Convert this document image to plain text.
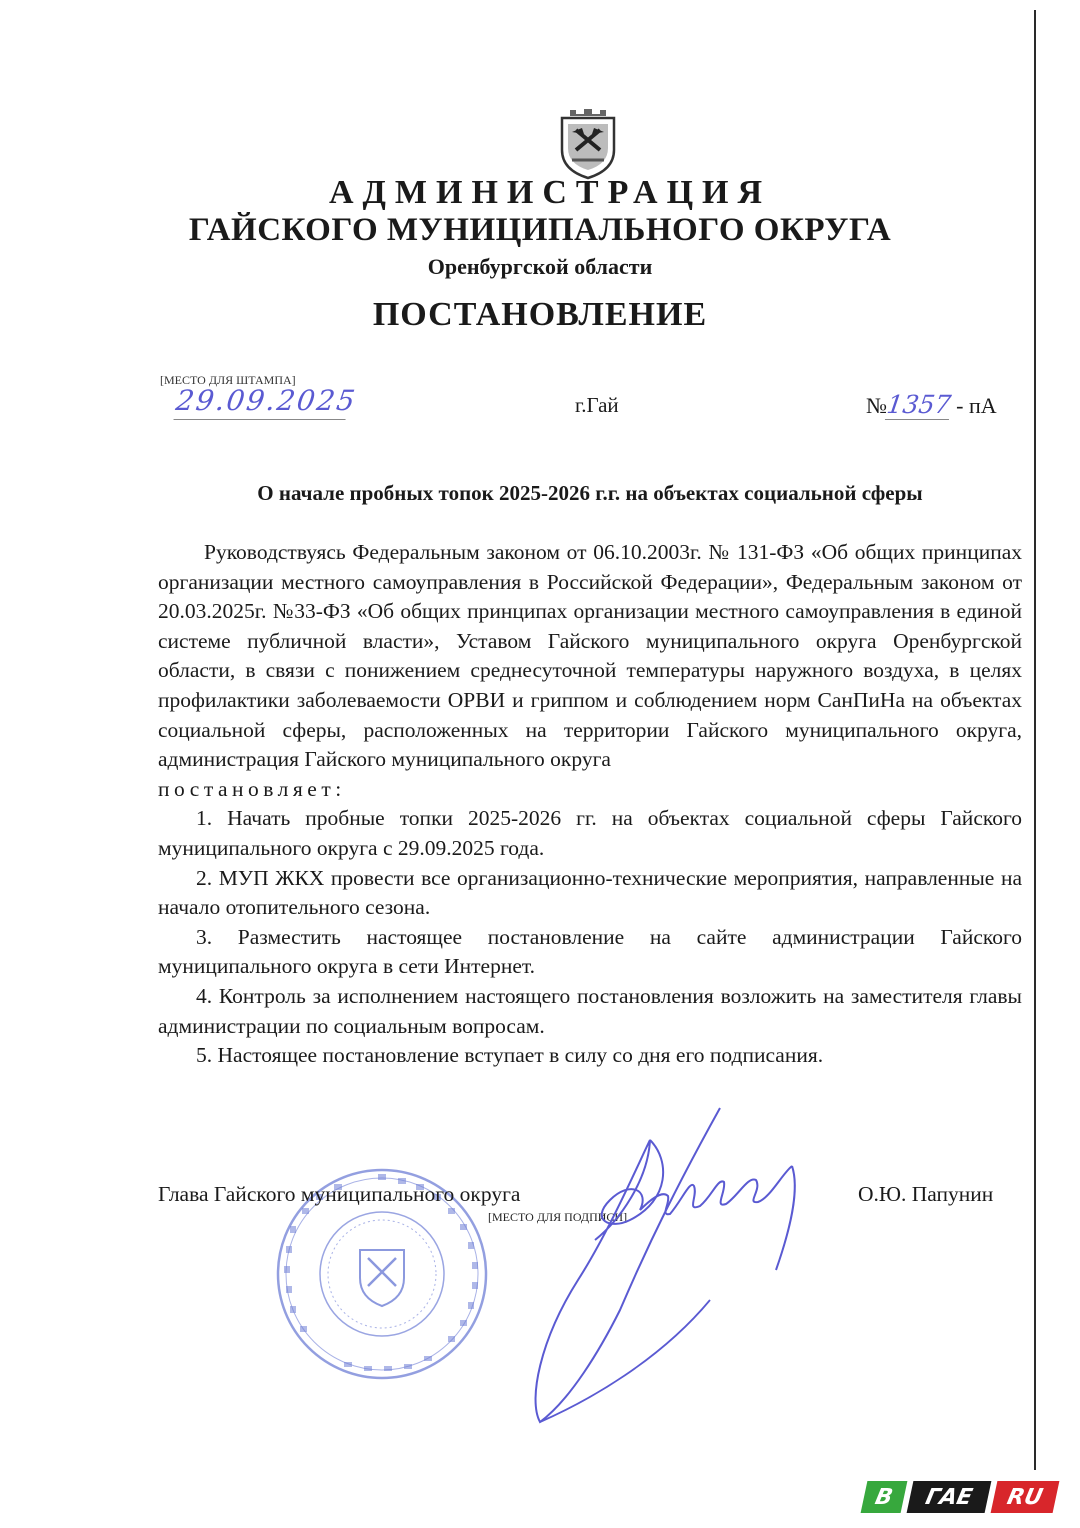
АДМИНИСТРАЦИЯ
ГАЙСКОГО МУНИЦИПАЛЬНОГО ОКРУГА
Оренбургской области
ПОСТАНОВЛЕНИЕ
[МЕСТО ДЛЯ ШТАМПА]
29.09.2025	г.Гай	№1357 - пА
О начале пробных топок 2025-2026 г.г. на объектах социальной сферы

Руководствуясь Федеральным законом от 06.10.2003г. № 131-ФЗ «Об общих принципах организации местного самоуправления в Российской Федерации», Федеральным законом от 20.03.2025г. №33-ФЗ «Об общих принципах организации местного самоуправления в единой системе публичной власти», Уставом Гайского муниципального округа Оренбургской области, в связи с понижением среднесуточной температуры наружного воздуха, в целях профилактики заболеваемости ОРВИ и гриппом и соблюдением норм СанПиНа на объектах социальной сферы, расположенных на территории Гайского муниципального округа, администрация Гайского муниципального округа

постановляет:

1. Начать пробные топки 2025-2026 гг. на объектах социальной сферы Гайского муниципального округа с 29.09.2025 года.

2. МУП ЖКХ провести все организационно-технические мероприятия, направленные на начало отопительного сезона.

3. Разместить настоящее постановление на сайте администрации Гайского муниципального округа в сети Интернет.

4. Контроль за исполнением настоящего постановления возложить на заместителя главы администрации по социальным вопросам.

5. Настоящее постановление вступает в силу со дня его подписания.

Глава Гайского муниципального округа
[МЕСТО ДЛЯ ПОДПИСИ]
О.Ю. Папунин
В	ГАЕ	RU
